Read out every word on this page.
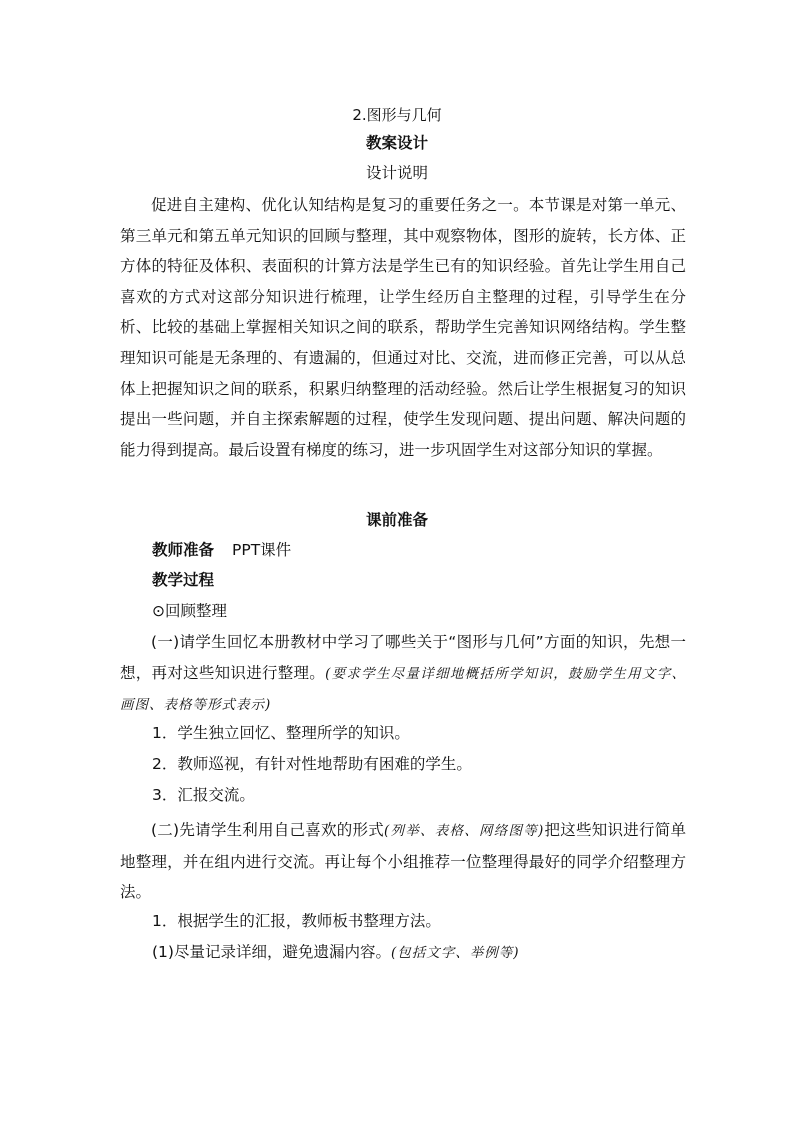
2.图形与几何
教案设计
设计说明
促进自主建构、优化认知结构是复习的重要任务之一。本节课是对第一单元、第三单元和第五单元知识的回顾与整理，其中观察物体，图形的旋转，长方体、正方体的特征及体积、表面积的计算方法是学生已有的知识经验。首先让学生用自己喜欢的方式对这部分知识进行梳理，让学生经历自主整理的过程，引导学生在分析、比较的基础上掌握相关知识之间的联系，帮助学生完善知识网络结构。学生整理知识可能是无条理的、有遗漏的，但通过对比、交流，进而修正完善，可以从总体上把握知识之间的联系，积累归纳整理的活动经验。然后让学生根据复习的知识提出一些问题，并自主探索解题的过程，使学生发现问题、提出问题、解决问题的能力得到提高。最后设置有梯度的练习，进一步巩固学生对这部分知识的掌握。
课前准备
教师准备 PPT课件
教学过程
⊙回顾整理
(一)请学生回忆本册教材中学习了哪些关于“图形与几何”方面的知识，先想一想，再对这些知识进行整理。(要求学生尽量详细地概括所学知识，鼓励学生用文字、画图、表格等形式表示)
1．学生独立回忆、整理所学的知识。
2．教师巡视，有针对性地帮助有困难的学生。
3．汇报交流。
(二)先请学生利用自己喜欢的形式(列举、表格、网络图等)把这些知识进行简单地整理，并在组内进行交流。再让每个小组推荐一位整理得最好的同学介绍整理方法。
1．根据学生的汇报，教师板书整理方法。
(1)尽量记录详细，避免遗漏内容。(包括文字、举例等)
